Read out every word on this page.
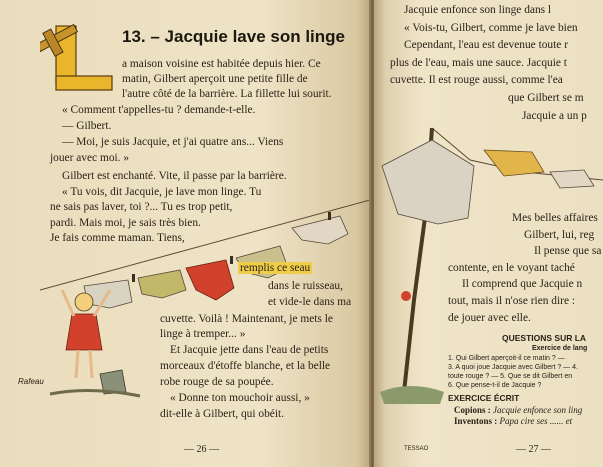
13. – Jacquie lave son linge
a maison voisine est habitée depuis hier. Ce
matin, Gilbert aperçoit une petite fille de
l'autre côté de la barrière. La fillette lui sourit.
« Comment t'appelles-tu ? demande-t-elle.
— Gilbert.
— Moi, je suis Jacquie, et j'ai quatre ans... Viens
jouer avec moi. »
Gilbert est enchanté. Vite, il passe par la barrière.
« Tu vois, dit Jacquie, je lave mon linge. Tu
ne sais pas laver, toi ?... Tu es trop petit,
pardi. Mais moi, je sais très bien.
Je fais comme maman. Tiens,
remplis ce seau
dans le ruisseau,
et vide-le dans ma
cuvette. Voilà ! Maintenant, je mets le
linge à tremper... »
Et Jacquie jette dans l'eau de petits
morceaux d'étoffe blanche, et la belle
robe rouge de sa poupée.
« Donne ton mouchoir aussi, »
dit-elle à Gilbert, qui obéit.
Rafeau
— 26 —
Jacquie enfonce son linge dans l
« Vois-tu, Gilbert, comme je lave bien
Cependant, l'eau est devenue toute r
plus de l'eau, mais une sauce. Jacquie t
cuvette. Il est rouge aussi, comme l'ea
que Gilbert se m
Jacquie a un p
Mes belles affaires
Gilbert, lui, reg
Il pense que sa
contente, en le voyant taché
Il comprend que Jacquie n
tout, mais il n'ose rien dire :
de jouer avec elle.
QUESTIONS SUR LA
Exercice de lang
1. Qui Gilbert aperçoit-il ce matin ? —
3. A quoi joue Jacquie avec Gilbert ? — 4.
toute rouge ? — 5. Que se dit Gilbert en
6. Que pense-t-il de Jacquie ?
EXERCICE ÉCRIT
Copions : Jacquie enfonce son ling
Inventons : Papa cire ses ...... et
TESSAO	— 27 —
